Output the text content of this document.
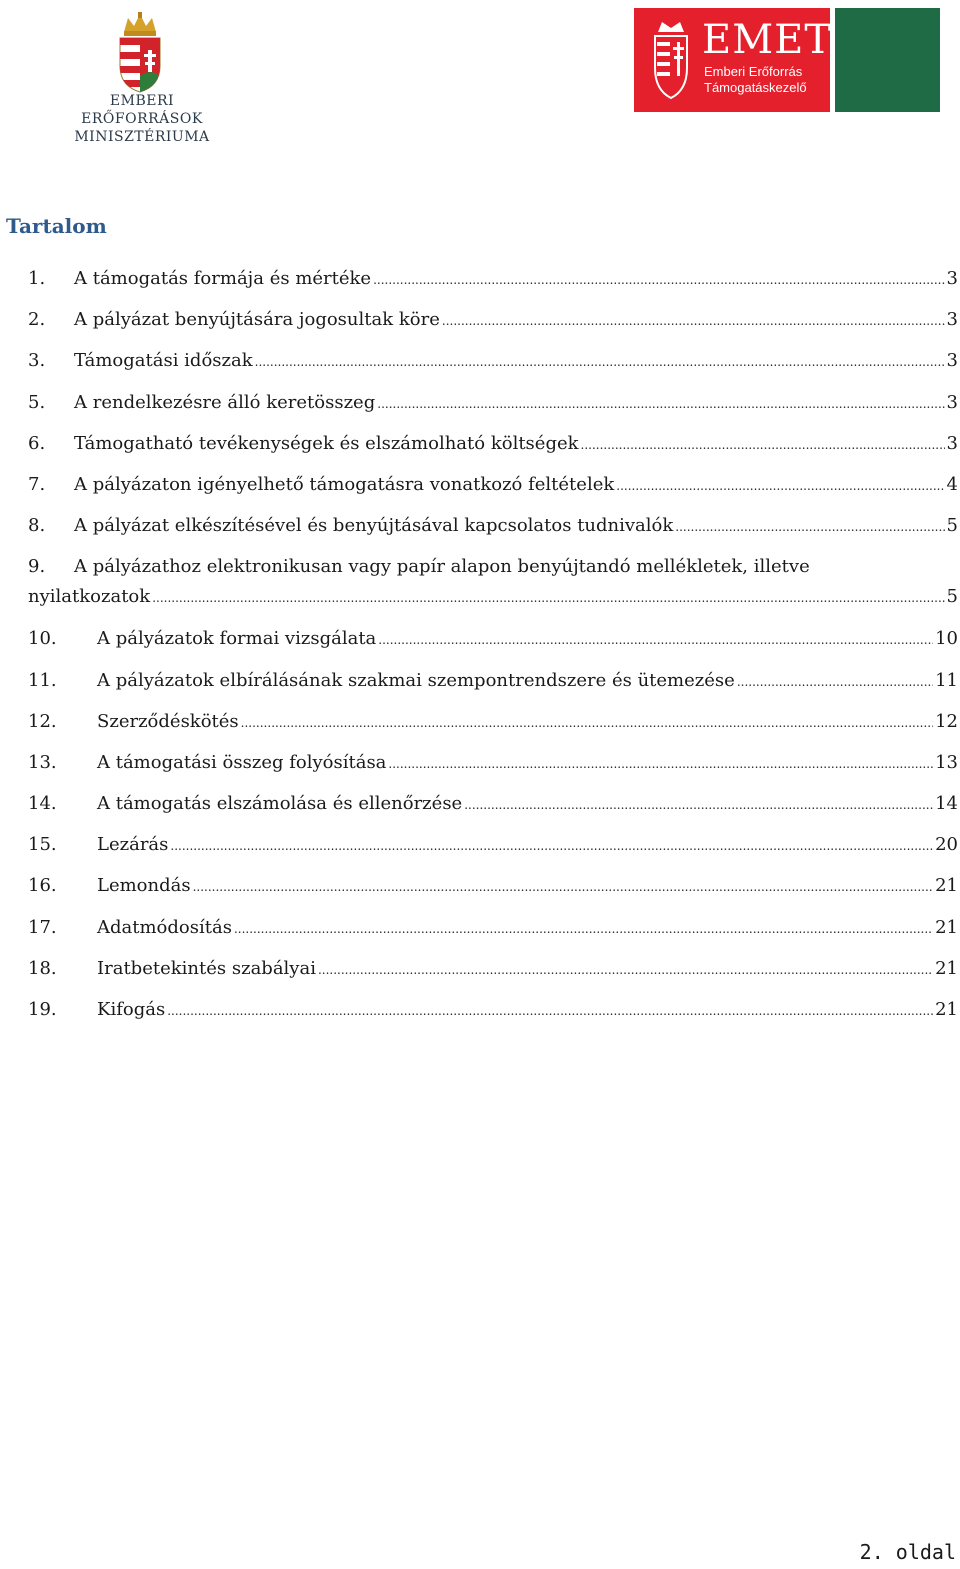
EMBERI ERŐFORRÁSOK
MINISZTÉRIUMA
EMET
Emberi Erőforrás
Támogatáskezelő
Tartalom
1.	A támogatás formája és mértéke .....	3
2.	A pályázat benyújtására jogosultak köre .....	3
3.	Támogatási időszak .....	3
5.	A rendelkezésre álló keretösszeg .....	3
6.	Támogatható tevékenységek és elszámolható költségek .....	3
7.	A pályázaton igényelhető támogatásra vonatkozó feltételek .....	4
8.	A pályázat elkészítésével és benyújtásával kapcsolatos tudnivalók .....	5
9.	A pályázathoz elektronikusan vagy papír alapon benyújtandó mellékletek, illetve
nyilatkozatok .....	5
10.	A pályázatok formai vizsgálata .....	10
11.	A pályázatok elbírálásának szakmai szempontrendszere és ütemezése .....	11
12.	Szerződéskötés .....	12
13.	A támogatási összeg folyósítása .....	13
14.	A támogatás elszámolása és ellenőrzése .....	14
15.	Lezárás .....	20
16.	Lemondás .....	21
17.	Adatmódosítás .....	21
18.	Iratbetekintés szabályai .....	21
19.	Kifogás .....	21
2. oldal
